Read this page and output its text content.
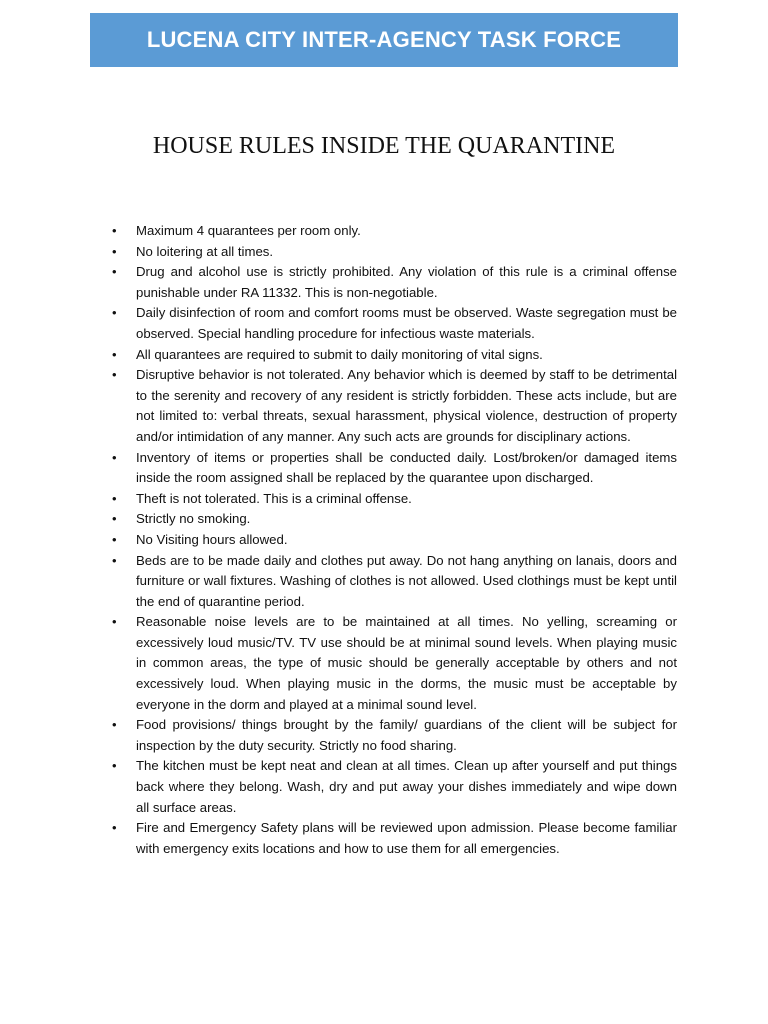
LUCENA CITY INTER-AGENCY TASK FORCE
HOUSE RULES INSIDE THE QUARANTINE
• Maximum 4 quarantees per room only.
• No loitering at all times.
• Drug and alcohol use is strictly prohibited. Any violation of this rule is a criminal offense punishable under RA 11332. This is non-negotiable.
• Daily disinfection of room and comfort rooms must be observed. Waste segregation must be observed. Special handling procedure for infectious waste materials.
• All quarantees are required to submit to daily monitoring of vital signs.
• Disruptive behavior is not tolerated. Any behavior which is deemed by staff to be detrimental to the serenity and recovery of any resident is strictly forbidden. These acts include, but are not limited to: verbal threats, sexual harassment, physical violence, destruction of property and/or intimidation of any manner. Any such acts are grounds for disciplinary actions.
• Inventory of items or properties shall be conducted daily. Lost/broken/or damaged items inside the room assigned shall be replaced by the quarantee upon discharged.
• Theft is not tolerated. This is a criminal offense.
• Strictly no smoking.
• No Visiting hours allowed.
• Beds are to be made daily and clothes put away. Do not hang anything on lanais, doors and furniture or wall fixtures. Washing of clothes is not allowed. Used clothings must be kept until the end of quarantine period.
• Reasonable noise levels are to be maintained at all times. No yelling, screaming or excessively loud music/TV. TV use should be at minimal sound levels. When playing music in common areas, the type of music should be generally acceptable by others and not excessively loud. When playing music in the dorms, the music must be acceptable by everyone in the dorm and played at a minimal sound level.
• Food provisions/ things brought by the family/ guardians of the client will be subject for inspection by the duty security. Strictly no food sharing.
• The kitchen must be kept neat and clean at all times. Clean up after yourself and put things back where they belong. Wash, dry and put away your dishes immediately and wipe down all surface areas.
• Fire and Emergency Safety plans will be reviewed upon admission. Please become familiar with emergency exits locations and how to use them for all emergencies.
